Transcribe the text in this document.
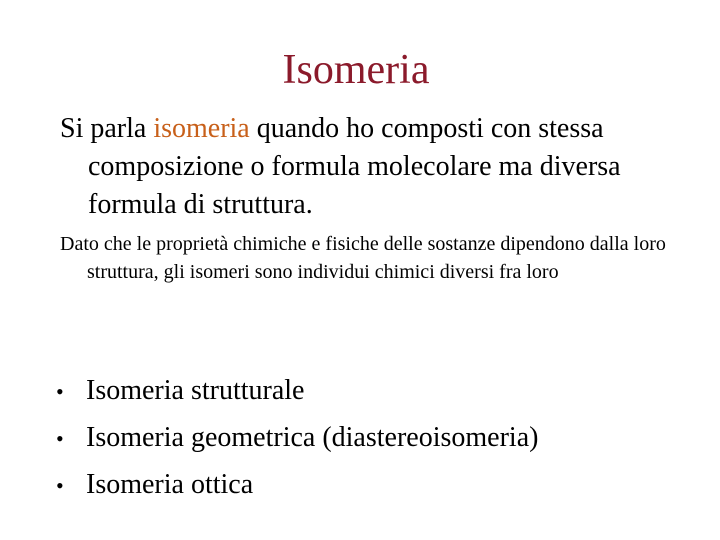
Isomeria

Si parla isomeria quando ho composti con stessa composizione o formula molecolare ma diversa formula di struttura.

Dato che le proprietà chimiche e fisiche delle sostanze dipendono dalla loro struttura, gli isomeri sono individui chimici diversi fra loro

• Isomeria strutturale
• Isomeria geometrica (diastereoisomeria)
• Isomeria ottica
